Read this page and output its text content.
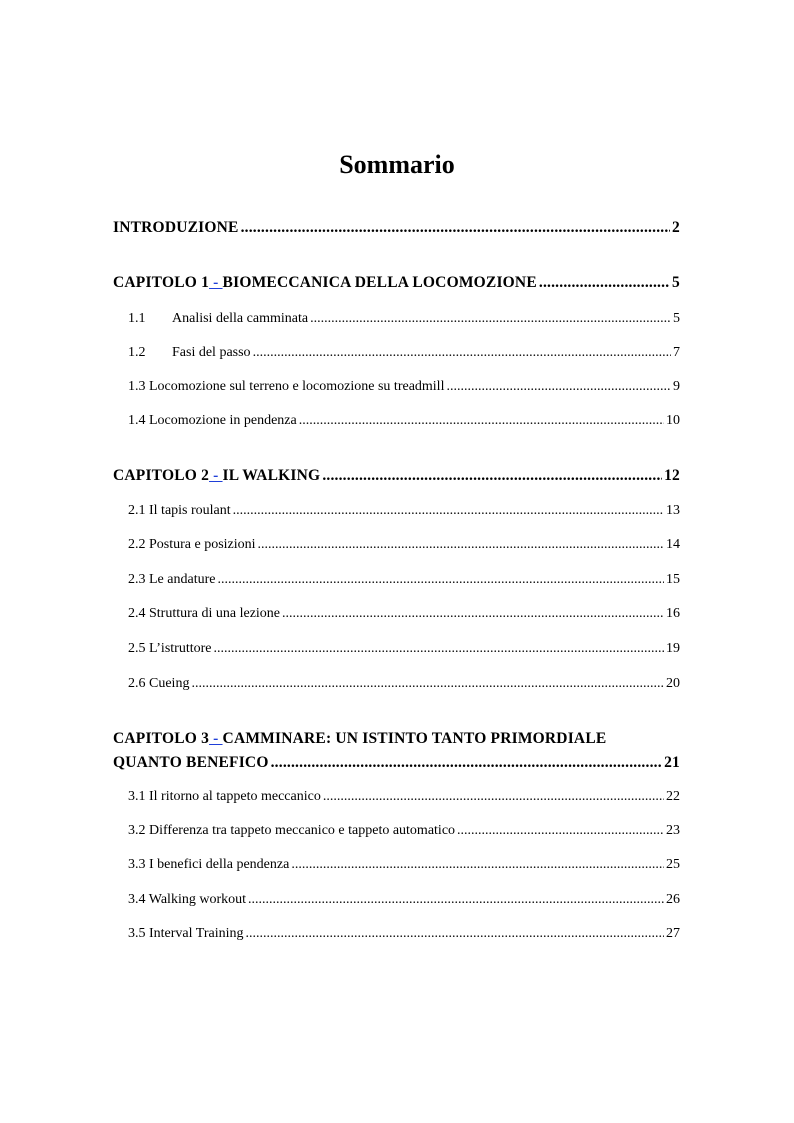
Sommario
INTRODUZIONE .....	2
CAPITOLO 1 - BIOMECCANICA DELLA LOCOMOZIONE .....	5
1.1 Analisi della camminata .....	5
1.2 Fasi del passo .....	7
1.3 Locomozione sul terreno e locomozione su treadmill .....	9
1.4 Locomozione in pendenza .....	10
CAPITOLO 2 - IL WALKING .....	12
2.1 Il tapis roulant .....	13
2.2 Postura e posizioni .....	14
2.3 Le andature .....	15
2.4 Struttura di una lezione .....	16
2.5 L’istruttore .....	19
2.6 Cueing .....	20
CAPITOLO 3 - CAMMINARE: UN ISTINTO TANTO PRIMORDIALE
QUANTO BENEFICO .....	21
3.1 Il ritorno al tappeto meccanico .....	22
3.2 Differenza tra tappeto meccanico e tappeto automatico .....	23
3.3 I benefici della pendenza .....	25
3.4 Walking workout .....	26
3.5 Interval Training .....	27
